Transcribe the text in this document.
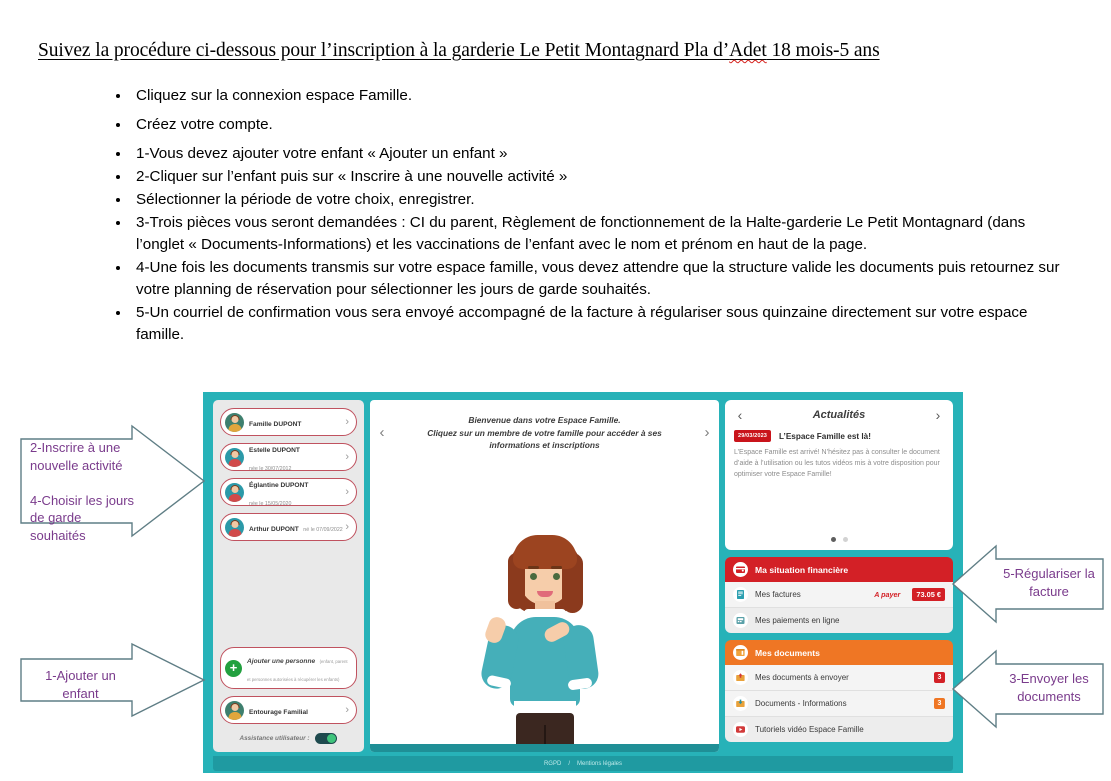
Suivez la procédure ci-dessous pour l’inscription à la garderie Le Petit Montagnard Pla d’Adet 18 mois-5 ans
Cliquez sur la connexion espace Famille.
Créez votre compte.
1-Vous devez ajouter votre enfant « Ajouter un enfant »
2-Cliquer sur l’enfant puis sur « Inscrire à une nouvelle activité »
Sélectionner la période de votre choix, enregistrer.
3-Trois pièces vous seront demandées : CI du parent, Règlement de fonctionnement de la Halte-garderie Le Petit Montagnard (dans l’onglet « Documents-Informations) et les vaccinations de l’enfant avec le nom et prénom en haut de la page.
4-Une fois les documents transmis sur votre espace famille, vous devez attendre que la structure valide les documents puis retournez sur votre planning de réservation pour sélectionner les jours de garde souhaités.
5-Un courriel de confirmation vous sera envoyé accompagné de la facture à régulariser sous quinzaine directement sur votre espace famille.
Famille DUPONT	›
Estelle DUPONT née le 30/07/2012
›
Églantine DUPONT née le 15/05/2020
›
Arthur DUPONT né le 07/09/2022 ›
+	Ajouter une personne (enfant, parent et personnes autorisées à récupérer les enfants)
Entourage Familial	›
Assistance utilisateur :
‹
Bienvenue dans votre Espace Famille.
Cliquez sur un membre de votre famille pour accéder à ses
informations et inscriptions
›
‹	Actualités	›
29/03/2023	L’Espace Famille est là!
L’Espace Famille est arrivé! N’hésitez pas à consulter le document d’aide à l’utilisation ou les tutos vidéos mis à votre disposition pour optimiser votre Espace Famille!
Ma situation financière
Mes factures	A payer	73.05 €
Mes paiements en ligne
Mes documents
Mes documents à envoyer	3
Documents - Informations	3
Tutoriels vidéo Espace Famille
RGPD / Mentions légales
2-Inscrire à une
nouvelle activité

4-Choisir les jours
de garde souhaités
1-Ajouter un enfant
5-Régulariser la
facture
3-Envoyer les
documents
